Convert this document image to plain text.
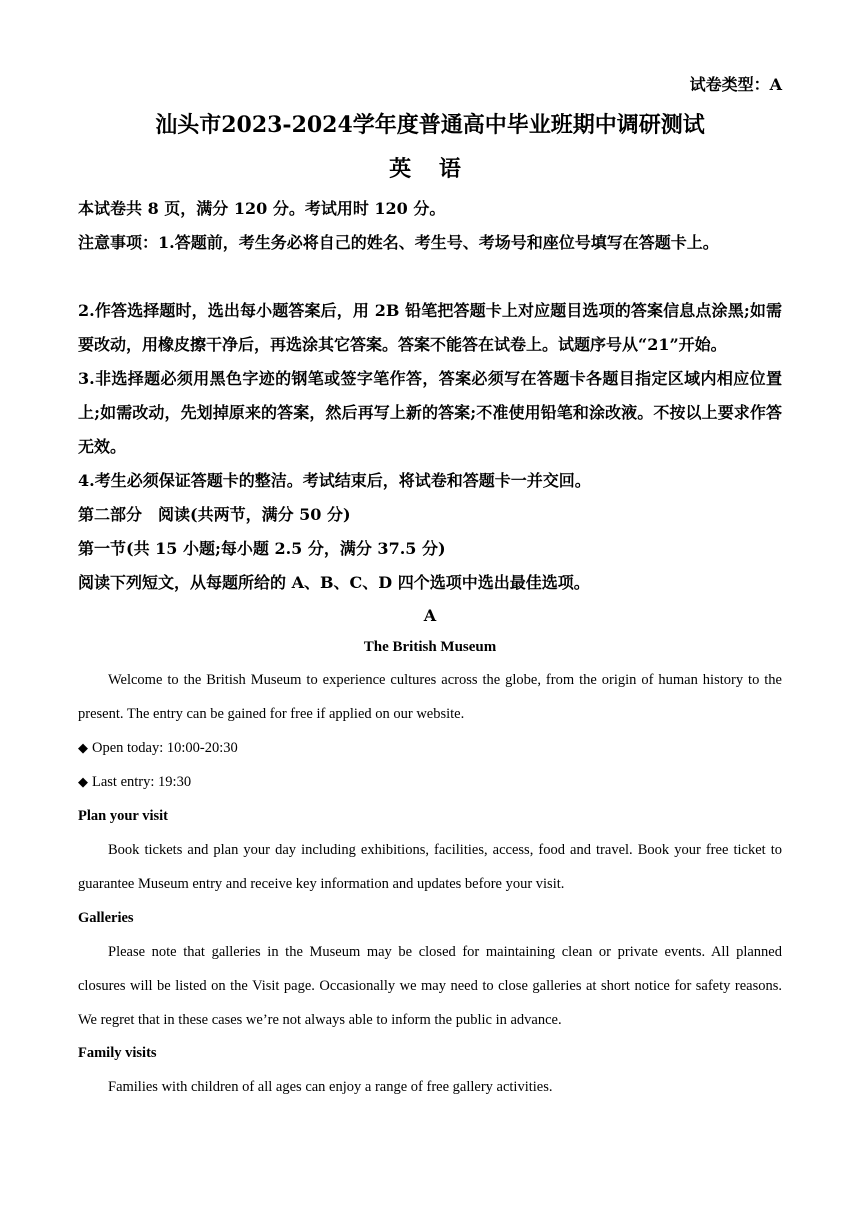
试卷类型：A
汕头市2023-2024学年度普通高中毕业班期中调研测试
英 语
本试卷共 8 页，满分 120 分。考试用时 120 分。
注意事项：1.答题前，考生务必将自己的姓名、考生号、考场号和座位号填写在答题卡上。
2.作答选择题时，选出每小题答案后，用 2B 铅笔把答题卡上对应题目选项的答案信息点涂黑;如需要改动，用橡皮擦干净后，再选涂其它答案。答案不能答在试卷上。试题序号从“21”开始。
3.非选择题必须用黑色字迹的钢笔或签字笔作答，答案必须写在答题卡各题目指定区域内相应位置上;如需改动，先划掉原来的答案，然后再写上新的答案;不准使用铅笔和涂改液。不按以上要求作答无效。
4.考生必须保证答题卡的整洁。考试结束后，将试卷和答题卡一并交回。
第二部分　阅读(共两节，满分 50 分)
第一节(共 15 小题;每小题 2.5 分，满分 37.5 分)
阅读下列短文，从每题所给的 A、B、C、D 四个选项中选出最佳选项。
A
The British Museum
Welcome to the British Museum to experience cultures across the globe, from the origin of human history to the present. The entry can be gained for free if applied on our website.
◆ Open today: 10:00-20:30
◆ Last entry: 19:30
Plan your visit
Book tickets and plan your day including exhibitions, facilities, access, food and travel. Book your free ticket to guarantee Museum entry and receive key information and updates before your visit.
Galleries
Please note that galleries in the Museum may be closed for maintaining clean or private events. All planned closures will be listed on the Visit page. Occasionally we may need to close galleries at short notice for safety reasons. We regret that in these cases we’re not always able to inform the public in advance.
Family visits
Families with children of all ages can enjoy a range of free gallery activities.
